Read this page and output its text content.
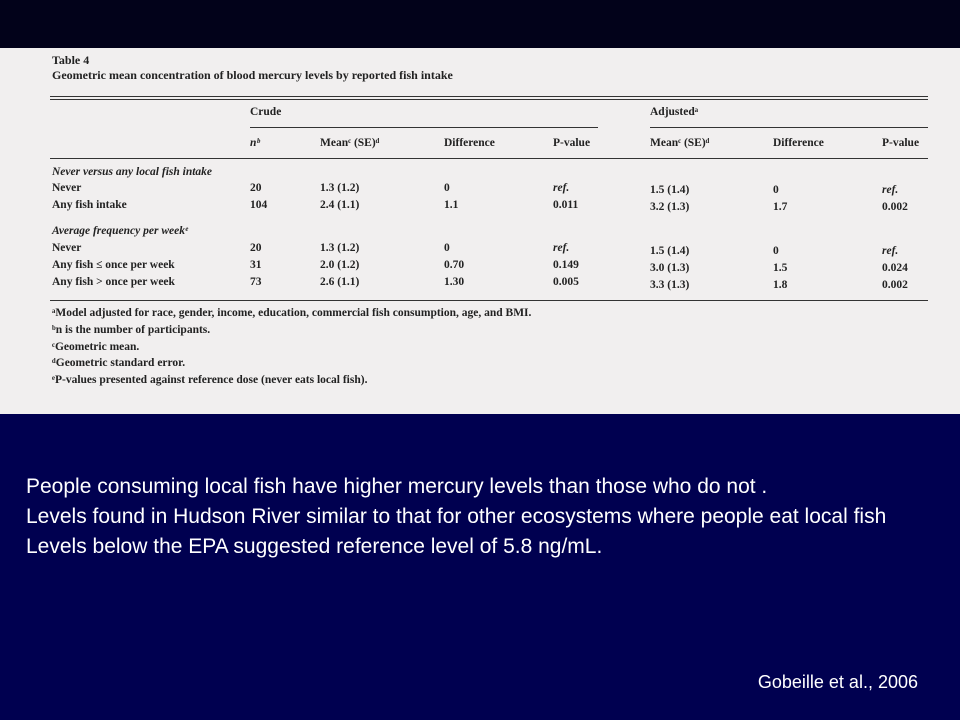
Table 4
Geometric mean concentration of blood mercury levels by reported fish intake
Crude	Adjustedᵃ
nᵇ	Meanᶜ (SE)ᵈ	Difference	P-value	Meanᶜ (SE)ᵈ	Difference	P-value
Never versus any local fish intake
Never	20	1.3 (1.2)	0	ref.	1.5 (1.4)	0	ref.
Any fish intake	104	2.4 (1.1)	1.1	0.011	3.2 (1.3)	1.7	0.002
Average frequency per weekᵉ
Never	20	1.3 (1.2)	0	ref.	1.5 (1.4)	0	ref.
Any fish ≤ once per week	31	2.0 (1.2)	0.70	0.149	3.0 (1.3)	1.5	0.024
Any fish > once per week	73	2.6 (1.1)	1.30	0.005	3.3 (1.3)	1.8	0.002
ᵃModel adjusted for race, gender, income, education, commercial fish consumption, age, and BMI.
ᵇn is the number of participants.
ᶜGeometric mean.
ᵈGeometric standard error.
ᵉP-values presented against reference dose (never eats local fish).

People consuming local fish have higher mercury levels than those who do not .

Levels found in Hudson River similar to that for other ecosystems where people eat local fish

Levels below the EPA suggested reference level of 5.8 ng/mL.

Gobeille et al., 2006
